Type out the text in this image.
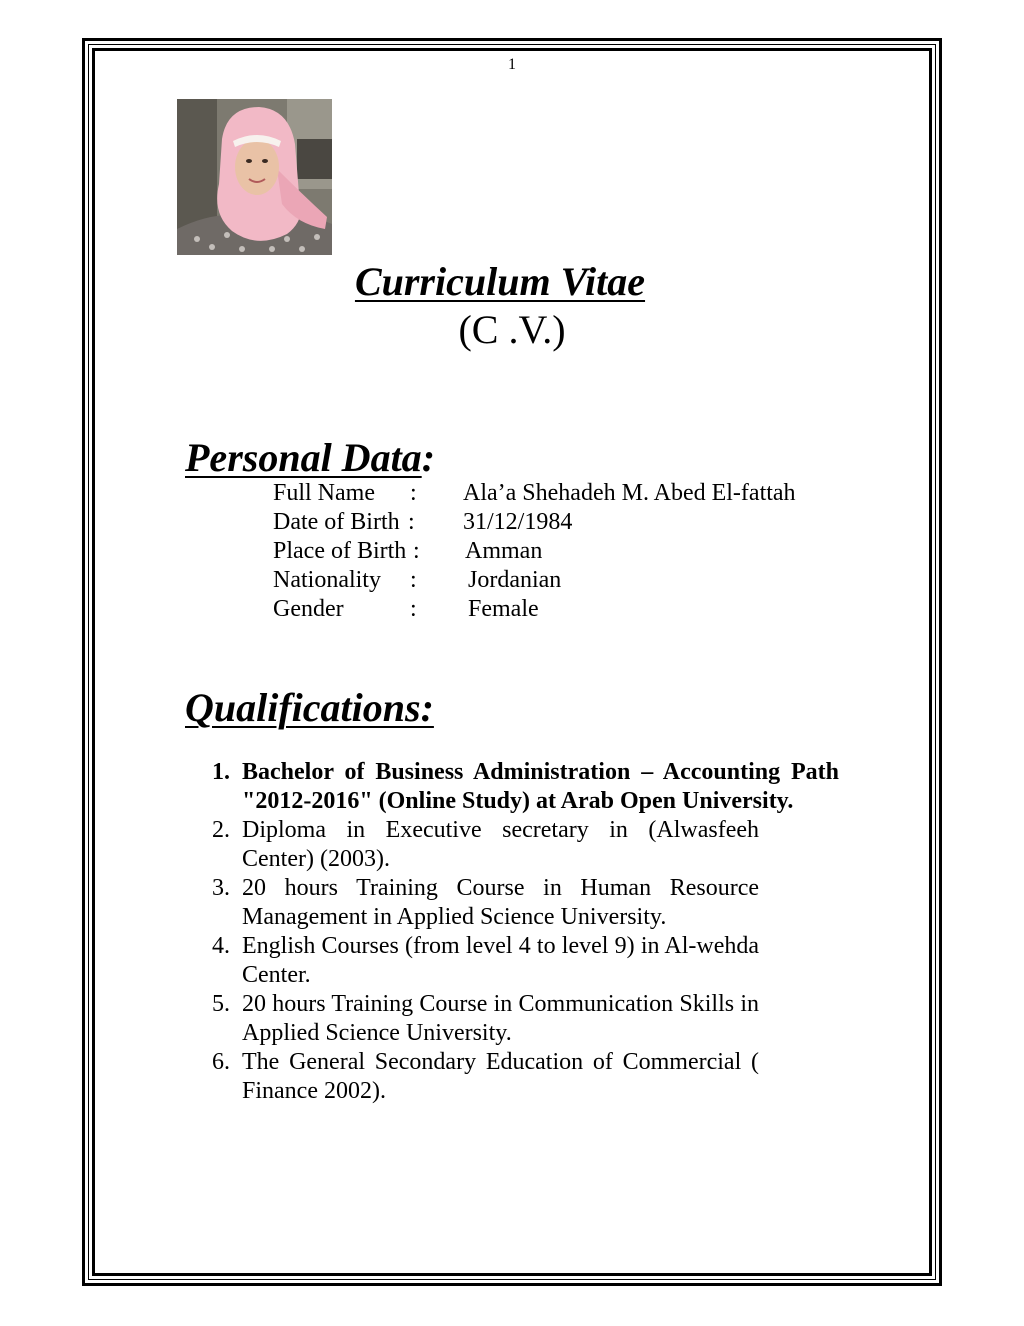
1
Curriculum Vitae
(C .V.)
Personal Data:
Full Name : Ala’a Shehadeh M. Abed El-fattah
Date of Birth : 31/12/1984
Place of Birth : Amman
Nationality : Jordanian
Gender	: Female
Qualifications:
1. Bachelor of Business Administration – Accounting Path "2012-2016" (Online Study) at Arab Open University.
2. Diploma in Executive secretary in (Alwasfeeh Center) (2003).
3. 20 hours Training Course in Human Resource Management in Applied Science University.
4. English Courses (from level 4 to level 9) in Al-wehda Center.
5. 20 hours Training Course in Communication Skills in Applied Science University.
6. The General Secondary Education of Commercial ( Finance 2002).
